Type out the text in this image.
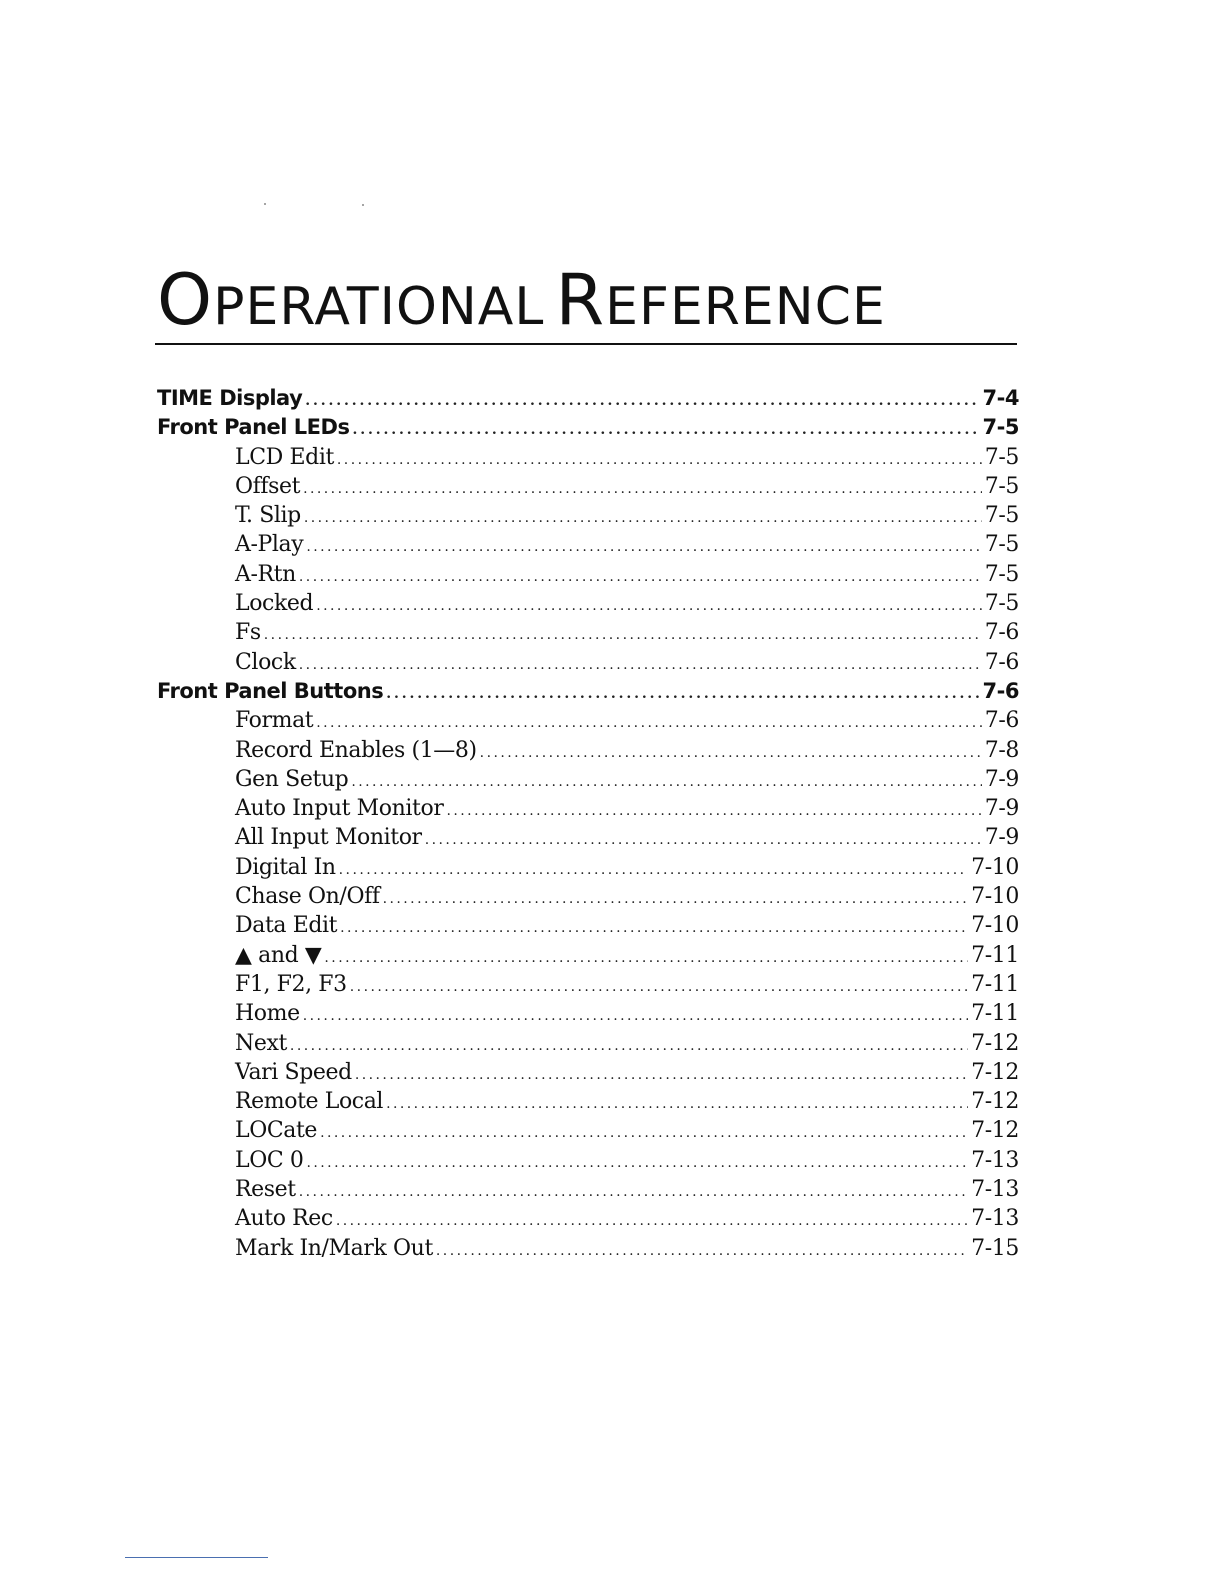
OPERATIONAL REFERENCE
TIME Display . . .	7-4
Front Panel LEDs . . .	7-5
LCD Edit . . .	7-5
Offset . . .	7-5
T. Slip . . .	7-5
A-Play . . .	7-5
A-Rtn . . .	7-5
Locked . . .	7-5
Fs . . .	7-6
Clock . . .	7-6
Front Panel Buttons . . .	7-6
Format . . .	7-6
Record Enables (1—8) . . .	7-8
Gen Setup . . .	7-9
Auto Input Monitor . . .	7-9
All Input Monitor . . .	7-9
Digital In . . .	7-10
Chase On/Off . . .	7-10
Data Edit . . .	7-10
▲ and ▼ . . .	7-11
F1, F2, F3 . . .	7-11
Home . . .	7-11
Next . . .	7-12
Vari Speed . . .	7-12
Remote Local . . .	7-12
LOCate . . .	7-12
LOC 0 . . .	7-13
Reset . . .	7-13
Auto Rec . . .	7-13
Mark In/Mark Out . . .	7-15
